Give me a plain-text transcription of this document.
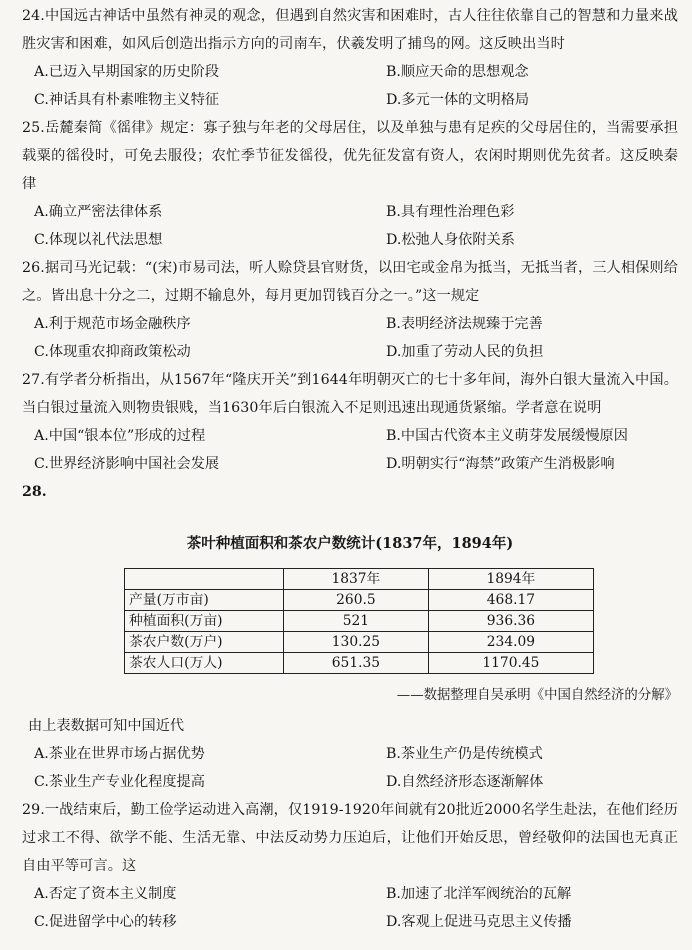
24.中国远古神话中虽然有神灵的观念，但遇到自然灾害和困难时，古人往往依靠自己的智慧和力量来战胜灾害和困难，如风后创造出指示方向的司南车，伏羲发明了捕鸟的网。这反映出当时

A.已迈入早期国家的历史阶段	B.顺应天命的思想观念
C.神话具有朴素唯物主义特征	D.多元一体的文明格局

25.岳麓秦简《徭律》规定：寡子独与年老的父母居住，以及单独与患有足疾的父母居住的，当需要承担载粟的徭役时，可免去服役；农忙季节征发徭役，优先征发富有资人，农闲时期则优先贫者。这反映秦律

A.确立严密法律体系	B.具有理性治理色彩
C.体现以礼代法思想	D.松弛人身依附关系

26.据司马光记载：“(宋)市易司法，听人赊贷县官财货，以田宅或金帛为抵当，无抵当者，三人相保则给之。皆出息十分之二，过期不输息外，每月更加罚钱百分之一。”这一规定

A.利于规范市场金融秩序	B.表明经济法规臻于完善
C.体现重农抑商政策松动	D.加重了劳动人民的负担

27.有学者分析指出，从1567年“隆庆开关”到1644年明朝灭亡的七十多年间，海外白银大量流入中国。当白银过量流入则物贵银贱，当1630年后白银流入不足则迅速出现通货紧缩。学者意在说明

A.中国“银本位”形成的过程	B.中国古代资本主义萌芽发展缓慢原因
C.世界经济影响中国社会发展	D.明朝实行“海禁”政策产生消极影响

28.

茶叶种植面积和茶农户数统计(1837年，1894年)
	1837年	1894年
产量(万市亩)	260.5	468.17
种植面积(万亩)	521	936.36
茶农户数(万户)	130.25	234.09
茶农人口(万人)	651.35	1170.45
——数据整理自吴承明《中国自然经济的分解》

由上表数据可知中国近代

A.茶业在世界市场占据优势	B.茶业生产仍是传统模式
C.茶业生产专业化程度提高	D.自然经济形态逐渐解体

29.一战结束后，勤工俭学运动进入高潮，仅1919-1920年间就有20批近2000名学生赴法，在他们经历过求工不得、欲学不能、生活无靠、中法反动势力压迫后，让他们开始反思，曾经敬仰的法国也无真正自由平等可言。这

A.否定了资本主义制度	B.加速了北洋军阀统治的瓦解
C.促进留学中心的转移	D.客观上促进马克思主义传播
